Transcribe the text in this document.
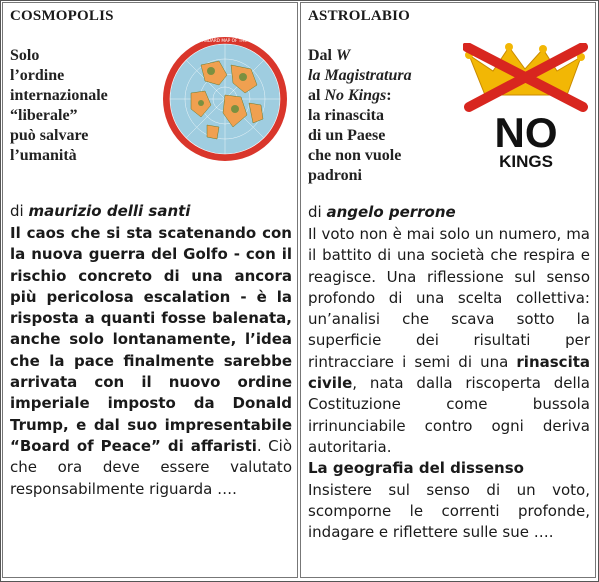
COSMOPOLIS
Solo
l’ordine
internazionale
“liberale”
può salvare
l’umanità
NEW STANDARD MAP OF THE WORLD
di maurizio delli santi
Il caos che si sta scatenando con la nuova guerra del Golfo - con il rischio concreto di una ancora più pericolosa escalation - è la risposta a quanti fosse balenata, anche solo lontanamente, l’idea che la pace finalmente sarebbe arrivata con il nuovo ordine imperiale imposto da Donald Trump, e dal suo impresentabile “Board of Peace” di affaristi. Ciò che ora deve essere valutato responsabilmente riguarda ….
ASTROLABIO
Dal W
la Magistratura
al No Kings:
la rinascita
di un Paese
che non vuole
padroni
NO
KINGS
di angelo perrone
Il voto non è mai solo un numero, ma il battito di una società che respira e reagisce. Una riflessione sul senso profondo di una scelta collettiva: un’analisi che scava sotto la superficie dei risultati per rintracciare i semi di una rinascita civile, nata dalla riscoperta della Costituzione come bussola irrinunciabile contro ogni deriva autoritaria.
La geografia del dissenso
Insistere sul senso di un voto, scomporne le correnti profonde, indagare e riflettere sulle sue ….
